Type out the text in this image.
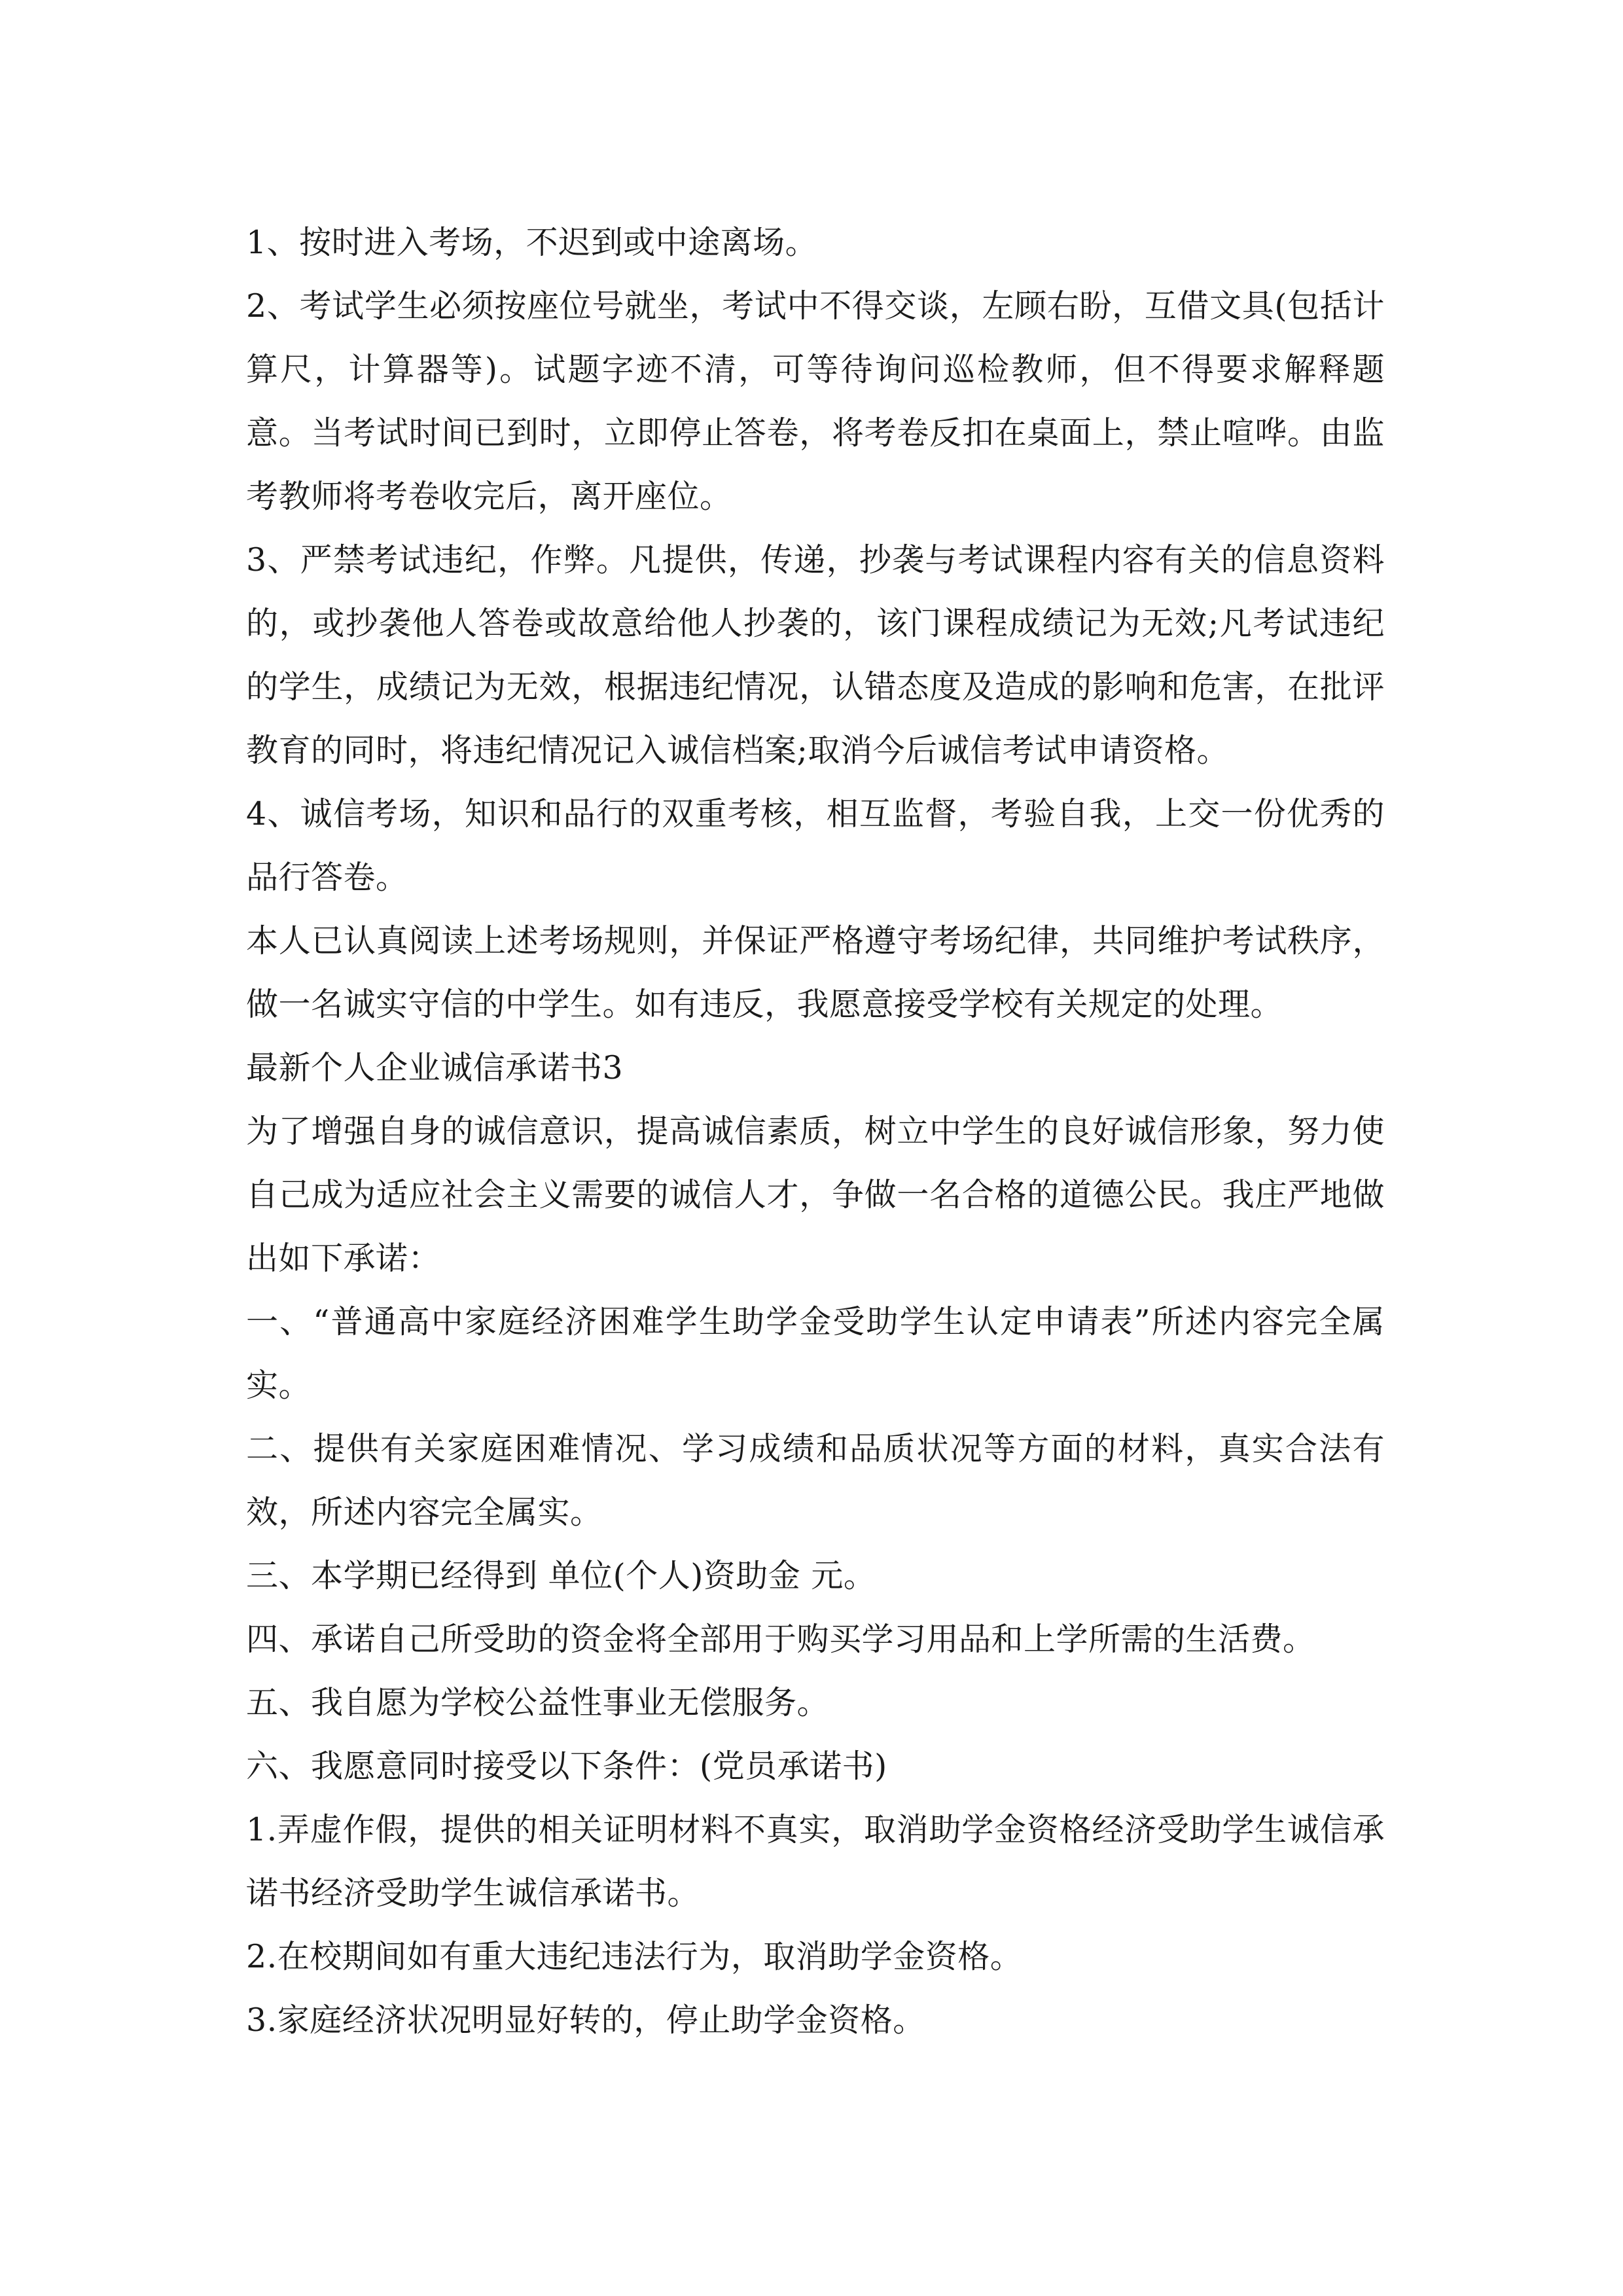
1、按时进入考场，不迟到或中途离场。

2、考试学生必须按座位号就坐，考试中不得交谈，左顾右盼，互借文具(包括计算尺，计算器等)。试题字迹不清，可等待询问巡检教师，但不得要求解释题意。当考试时间已到时，立即停止答卷，将考卷反扣在桌面上，禁止喧哗。由监考教师将考卷收完后，离开座位。

3、严禁考试违纪，作弊。凡提供，传递，抄袭与考试课程内容有关的信息资料的，或抄袭他人答卷或故意给他人抄袭的，该门课程成绩记为无效;凡考试违纪的学生，成绩记为无效，根据违纪情况，认错态度及造成的影响和危害，在批评教育的同时，将违纪情况记入诚信档案;取消今后诚信考试申请资格。

4、诚信考场，知识和品行的双重考核，相互监督，考验自我，上交一份优秀的品行答卷。

本人已认真阅读上述考场规则，并保证严格遵守考场纪律，共同维护考试秩序，做一名诚实守信的中学生。如有违反，我愿意接受学校有关规定的处理。

最新个人企业诚信承诺书3

为了增强自身的诚信意识，提高诚信素质，树立中学生的良好诚信形象，努力使自己成为适应社会主义需要的诚信人才，争做一名合格的道德公民。我庄严地做出如下承诺：

一、“普通高中家庭经济困难学生助学金受助学生认定申请表”所述内容完全属实。

二、提供有关家庭困难情况、学习成绩和品质状况等方面的材料，真实合法有效，所述内容完全属实。

三、本学期已经得到 单位(个人)资助金 元。

四、承诺自己所受助的资金将全部用于购买学习用品和上学所需的生活费。

五、我自愿为学校公益性事业无偿服务。

六、我愿意同时接受以下条件：(党员承诺书)

1.弄虚作假，提供的相关证明材料不真实，取消助学金资格经济受助学生诚信承诺书经济受助学生诚信承诺书。

2.在校期间如有重大违纪违法行为，取消助学金资格。

3.家庭经济状况明显好转的，停止助学金资格。
